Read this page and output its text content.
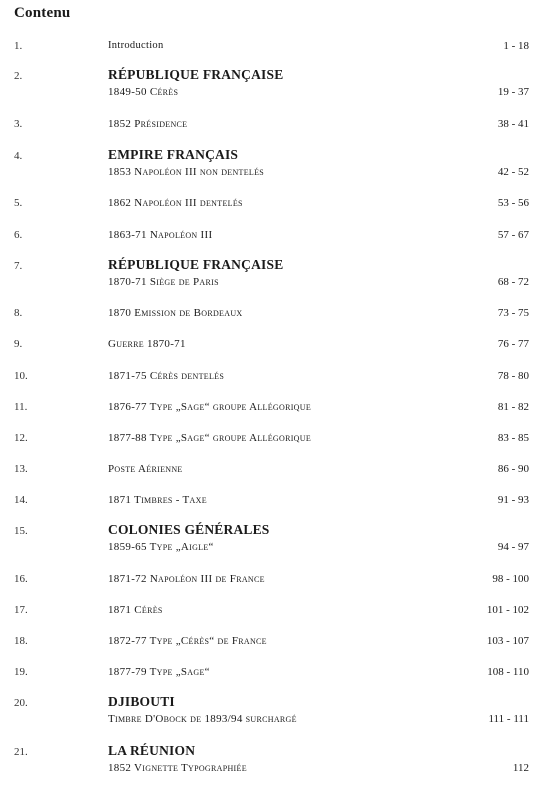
Contenu
1.	Introduction	1 - 18
2.	RÉPUBLIQUE FRANÇAISE
1849-50 Cérès	19 - 37
3.	1852 Présidence	38 - 41
4.	EMPIRE FRANÇAIS
1853 Napoléon III non dentelés	42 - 52
5.	1862 Napoléon III dentelés	53 - 56
6.	1863-71 Napoléon III	57 - 67
7.	RÉPUBLIQUE FRANÇAISE
1870-71 Siège de Paris	68 - 72
8.	1870 Emission de Bordeaux	73 - 75
9.	Guerre 1870-71	76 - 77
10.	1871-75 Cérès dentelés	78 - 80
11.	1876-77 Type „Sage“ groupe Allégorique	81 - 82
12.	1877-88 Type „Sage“ groupe Allégorique	83 - 85
13.	Poste Aérienne	86 - 90
14.	1871 Timbres - Taxe	91 - 93
15.	COLONIES GÉNÉRALES
1859-65 Type „Aigle“	94 - 97
16.	1871-72 Napoléon III de France	98 - 100
17.	1871 Cérès	101 - 102
18.	1872-77 Type „Cérès“ de France	103 - 107
19.	1877-79 Type „Sage“	108 - 110
20.	DJIBOUTI
Timbre D'Obock de 1893/94 surchargé	111 - 111
21.	LA RÉUNION
1852 Vignette Typographiée	112
